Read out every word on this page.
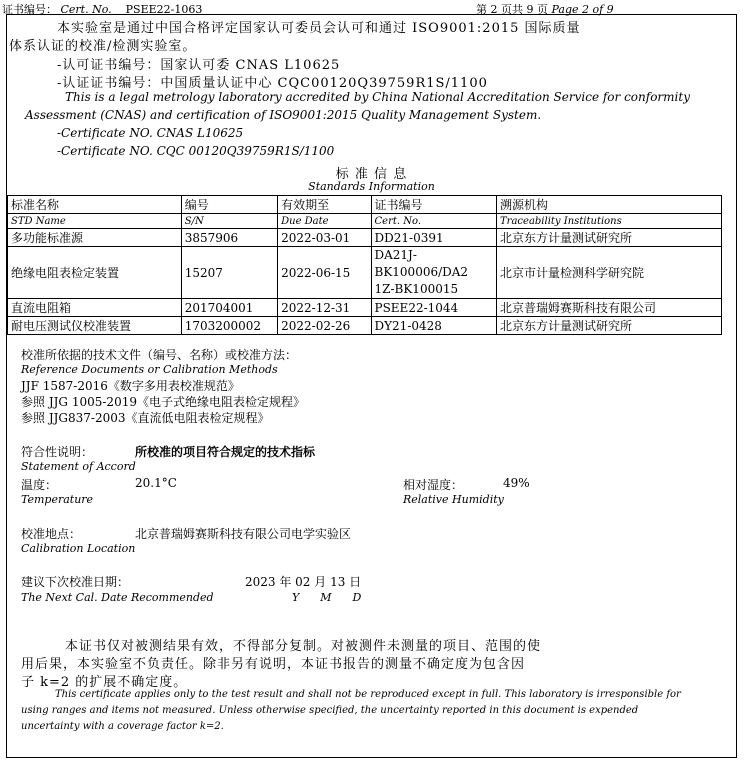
证书编号： Cert. No. PSEE22-1063	第 2 页共 9 页 Page 2 of 9
本实验室是通过中国合格评定国家认可委员会认可和通过 ISO9001:2015 国际质量
体系认证的校准/检测实验室。
-认可证书编号：国家认可委 CNAS L10625
-认证证书编号：中国质量认证中心 CQC00120Q39759R1S/1100
This is a legal metrology laboratory accredited by China National Accreditation Service for conformity
Assessment (CNAS) and certification of ISO9001:2015 Quality Management System.
-Certificate NO. CNAS L10625
-Certificate NO. CQC 00120Q39759R1S/1100
标 准 信 息
Standards Information
标准名称	编号	有效期至	证书编号	溯源机构
STD Name	S/N	Due Date	Cert. No.	Traceability Institutions
多功能标准源	3857906	2022-03-01	DD21-0391	北京东方计量测试研究所
绝缘电阻表检定装置	15207	2022-06-15	DA21J-
BK100006/DA2
1Z-BK100015	北京市计量检测科学研究院
直流电阻箱	201704001	2022-12-31	PSEE22-1044	北京普瑞姆赛斯科技有限公司
耐电压测试仪校准装置	1703200002	2022-02-26	DY21-0428	北京东方计量测试研究所
校准所依据的技术文件（编号、名称）或校准方法：
Reference Documents or Calibration Methods
JJF 1587-2016《数字多用表校准规范》
参照 JJG 1005-2019《电子式绝缘电阻表检定规程》
参照 JJG837-2003《直流低电阻表检定规程》
符合性说明：	所校准的项目符合规定的技术指标
Statement of Accord
温度：	20.1°C
Temperature
相对湿度：	49%
Relative Humidity
校准地点：	北京普瑞姆赛斯科技有限公司电学实验区
Calibration Location
建议下次校准日期：	2023 年 02 月 13 日
The Next Cal. Date Recommended	Y      M      D
本证书仅对被测结果有效，不得部分复制。对被测件未测量的项目、范围的使
用后果，本实验室不负责任。除非另有说明，本证书报告的测量不确定度为包含因
子 k=2 的扩展不确定度。
This certificate applies only to the test result and shall not be reproduced except in full. This laboratory is irresponsible for
using ranges and items not measured. Unless otherwise specified, the uncertainty reported in this document is expended
uncertainty with a coverage factor k=2.
